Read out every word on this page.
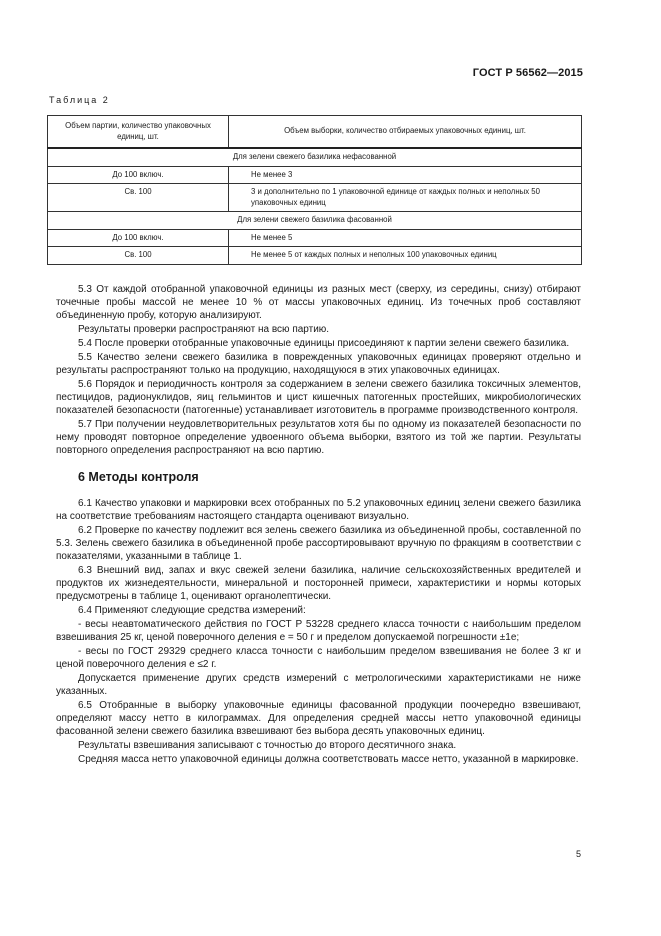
ГОСТ Р 56562—2015
Таблица 2
Объем партии, количество упаковочных единиц, шт.	Объем выборки, количество отбираемых упаковочных единиц, шт.
Для зелени свежего базилика нефасованной	
До 100 включ.	Не менее 3
Св. 100	3 и дополнительно по 1 упаковочной единице от каждых полных и неполных 50 упаковочных единиц
Для зелени свежего базилика фасованной	
До 100 включ.	Не менее 5
Св. 100	Не менее 5 от каждых полных и неполных 100 упаковочных единиц

5.3 От каждой отобранной упаковочной единицы из разных мест (сверху, из середины, снизу) отбирают точечные пробы массой не менее 10 % от массы упаковочных единиц. Из точечных проб составляют объединенную пробу, которую анализируют.

Результаты проверки распространяют на всю партию.

5.4 После проверки отобранные упаковочные единицы присоединяют к партии зелени свежего базилика.

5.5 Качество зелени свежего базилика в поврежденных упаковочных единицах проверяют отдельно и результаты распространяют только на продукцию, находящуюся в этих упаковочных единицах.

5.6 Порядок и периодичность контроля за содержанием в зелени свежего базилика токсичных элементов, пестицидов, радионуклидов, яиц гельминтов и цист кишечных патогенных простейших, микробиологических показателей безопасности (патогенные) устанавливает изготовитель в программе производственного контроля.

5.7 При получении неудовлетворительных результатов хотя бы по одному из показателей безопасности по нему проводят повторное определение удвоенного объема выборки, взятого из той же партии. Результаты повторного определения распространяют на всю партию.

6 Методы контроля

6.1 Качество упаковки и маркировки всех отобранных по 5.2 упаковочных единиц зелени свежего базилика на соответствие требованиям настоящего стандарта оценивают визуально.

6.2 Проверке по качеству подлежит вся зелень свежего базилика из объединенной пробы, составленной по 5.3. Зелень свежего базилика в объединенной пробе рассортировывают вручную по фракциям в соответствии с показателями, указанными в таблице 1.

6.3 Внешний вид, запах и вкус свежей зелени базилика, наличие сельскохозяйственных вредителей и продуктов их жизнедеятельности, минеральной и посторонней примеси, характеристики и нормы которых предусмотрены в таблице 1, оценивают органолептически.

6.4 Применяют следующие средства измерений:

- весы неавтоматического действия по ГОСТ Р 53228 среднего класса точности с наибольшим пределом взвешивания 25 кг, ценой поверочного деления e = 50 г и пределом допускаемой погрешности ±1e;

- весы по ГОСТ 29329 среднего класса точности с наибольшим пределом взвешивания не более 3 кг и ценой поверочного деления e ≤2 г.

Допускается применение других средств измерений с метрологическими характеристиками не ниже указанных.

6.5 Отобранные в выборку упаковочные единицы фасованной продукции поочередно взвешивают, определяют массу нетто в килограммах. Для определения средней массы нетто упаковочной единицы фасованной зелени свежего базилика взвешивают без выбора десять упаковочных единиц.

Результаты взвешивания записывают с точностью до второго десятичного знака.

Средняя масса нетто упаковочной единицы должна соответствовать массе нетто, указанной в маркировке.

5
